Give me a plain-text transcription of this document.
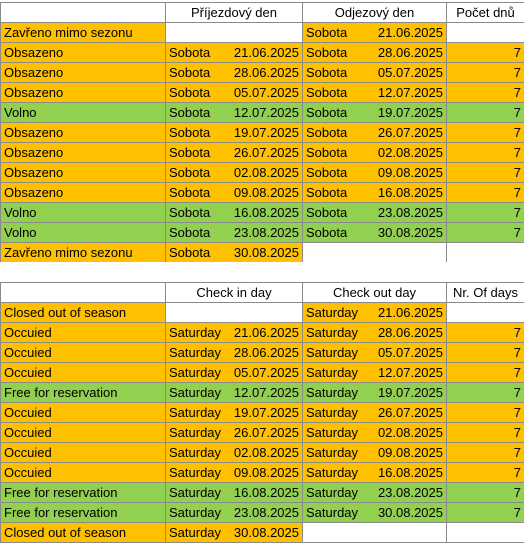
	Příjezdový den		Odjezový den		Počet dnů
Zavřeno mimo sezonu			Sobota	21.06.2025	
Obsazeno	Sobota	21.06.2025	Sobota	28.06.2025	7
Obsazeno	Sobota	28.06.2025	Sobota	05.07.2025	7
Obsazeno	Sobota	05.07.2025	Sobota	12.07.2025	7
Volno	Sobota	12.07.2025	Sobota	19.07.2025	7
Obsazeno	Sobota	19.07.2025	Sobota	26.07.2025	7
Obsazeno	Sobota	26.07.2025	Sobota	02.08.2025	7
Obsazeno	Sobota	02.08.2025	Sobota	09.08.2025	7
Obsazeno	Sobota	09.08.2025	Sobota	16.08.2025	7
Volno	Sobota	16.08.2025	Sobota	23.08.2025	7
Volno	Sobota	23.08.2025	Sobota	30.08.2025	7
Zavřeno mimo sezonu	Sobota	30.08.2025			
	Check in day		Check out day		Nr. Of days
Closed out of season			Saturday	21.06.2025	
Occuied	Saturday	21.06.2025	Saturday	28.06.2025	7
Occuied	Saturday	28.06.2025	Saturday	05.07.2025	7
Occuied	Saturday	05.07.2025	Saturday	12.07.2025	7
Free for reservation	Saturday	12.07.2025	Saturday	19.07.2025	7
Occuied	Saturday	19.07.2025	Saturday	26.07.2025	7
Occuied	Saturday	26.07.2025	Saturday	02.08.2025	7
Occuied	Saturday	02.08.2025	Saturday	09.08.2025	7
Occuied	Saturday	09.08.2025	Saturday	16.08.2025	7
Free for reservation	Saturday	16.08.2025	Saturday	23.08.2025	7
Free for reservation	Saturday	23.08.2025	Saturday	30.08.2025	7
Closed out of season	Saturday	30.08.2025			
